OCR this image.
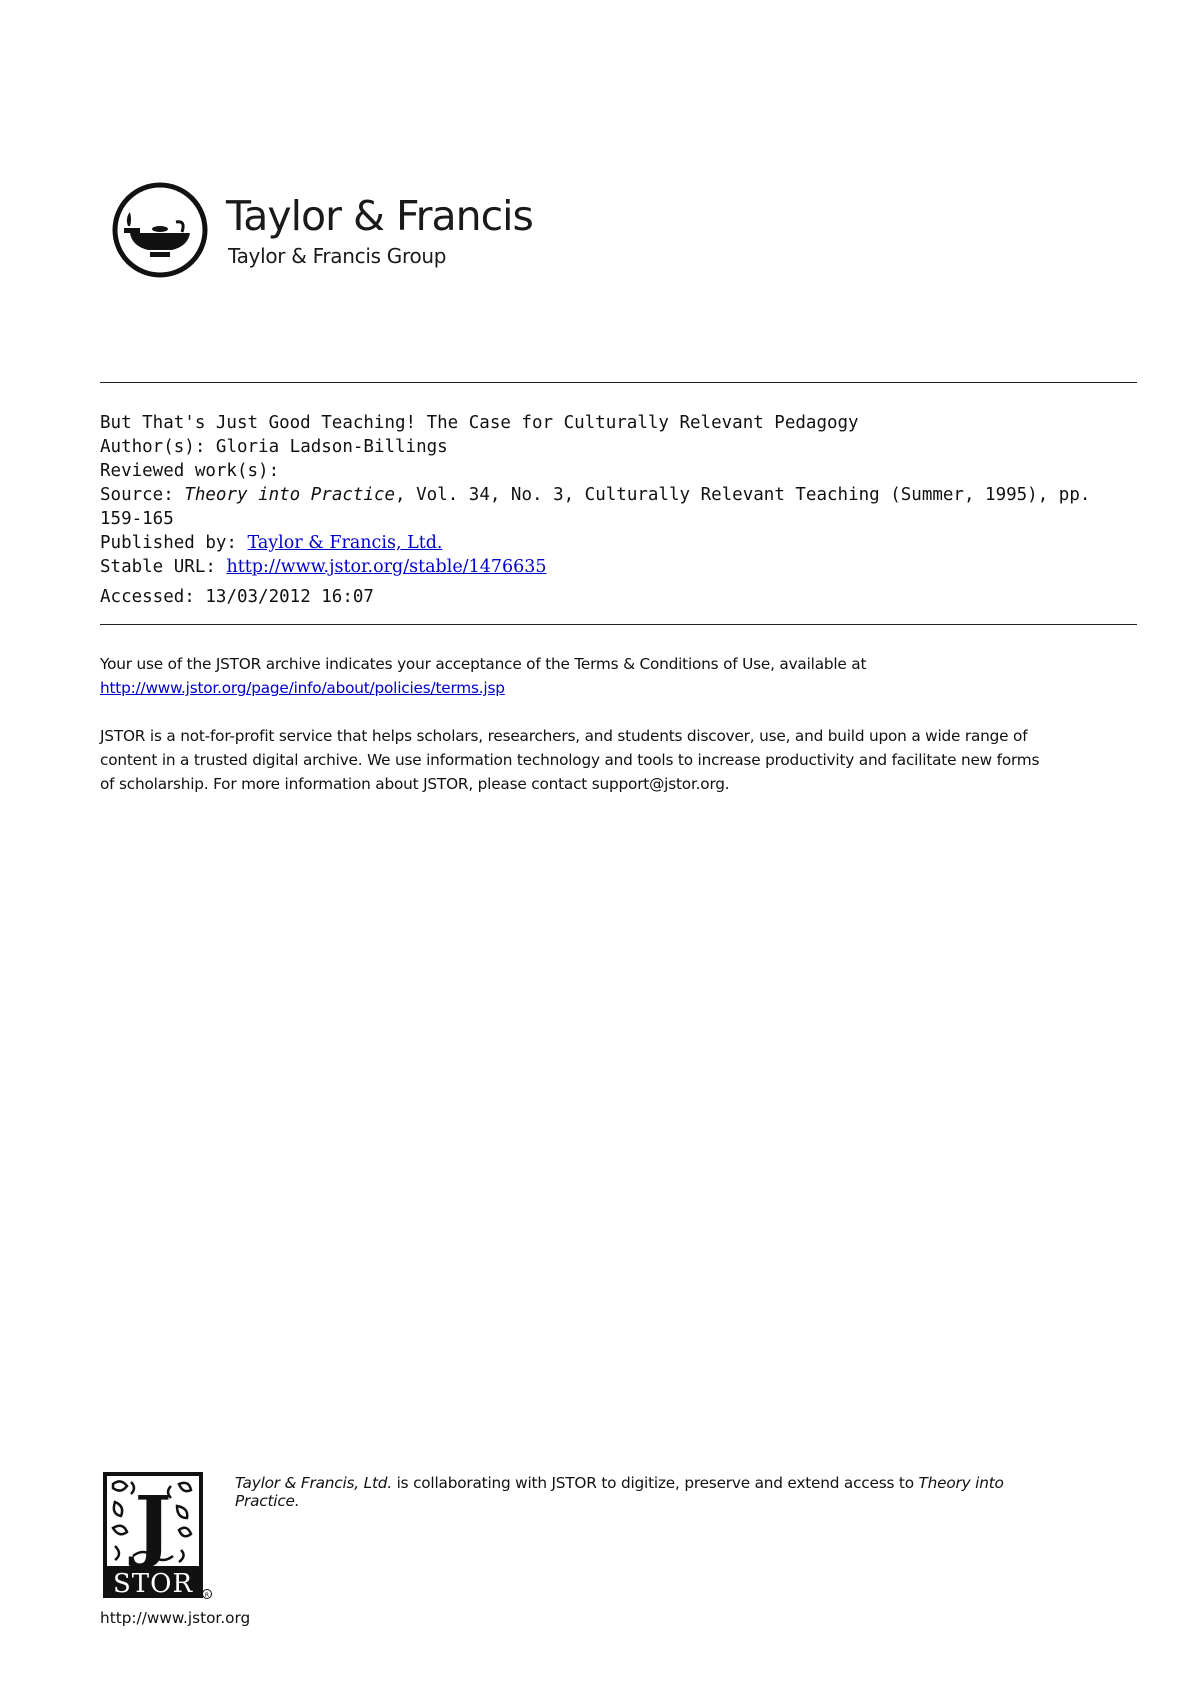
Taylor & Francis
Taylor & Francis Group
But That's Just Good Teaching! The Case for Culturally Relevant Pedagogy
Author(s): Gloria Ladson-Billings
Reviewed work(s):
Source: Theory into Practice, Vol. 34, No. 3, Culturally Relevant Teaching (Summer, 1995), pp.
159-165
Published by: Taylor & Francis, Ltd.
Stable URL: http://www.jstor.org/stable/1476635
Accessed: 13/03/2012 16:07
Your use of the JSTOR archive indicates your acceptance of the Terms & Conditions of Use, available at
http://www.jstor.org/page/info/about/policies/terms.jsp
JSTOR is a not-for-profit service that helps scholars, researchers, and students discover, use, and build upon a wide range of
content in a trusted digital archive. We use information technology and tools to increase productivity and facilitate new forms
of scholarship. For more information about JSTOR, please contact support@jstor.org.
J
STOR R
Taylor & Francis, Ltd. is collaborating with JSTOR to digitize, preserve and extend access to Theory into
Practice.
http://www.jstor.org
